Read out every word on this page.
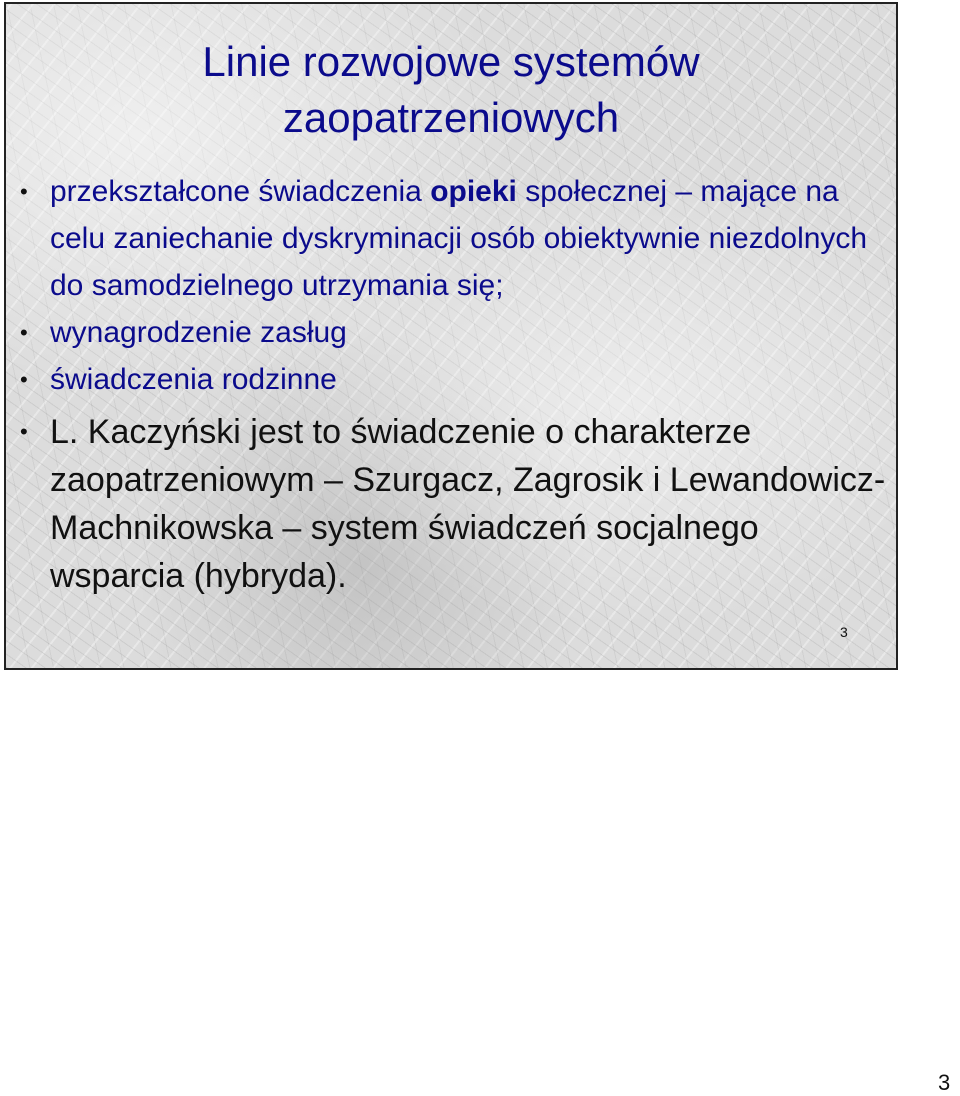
Linie rozwojowe systemów
zaopatrzeniowych
• przekształcone świadczenia opieki społecznej – mające na celu zaniechanie dyskryminacji osób obiektywnie niezdolnych do samodzielnego utrzymania się;
• wynagrodzenie zasług
• świadczenia rodzinne
• L. Kaczyński jest to świadczenie o charakterze zaopatrzeniowym – Szurgacz, Zagrosik i Lewandowicz-Machnikowska – system świadczeń socjalnego wsparcia (hybryda).
3
3
